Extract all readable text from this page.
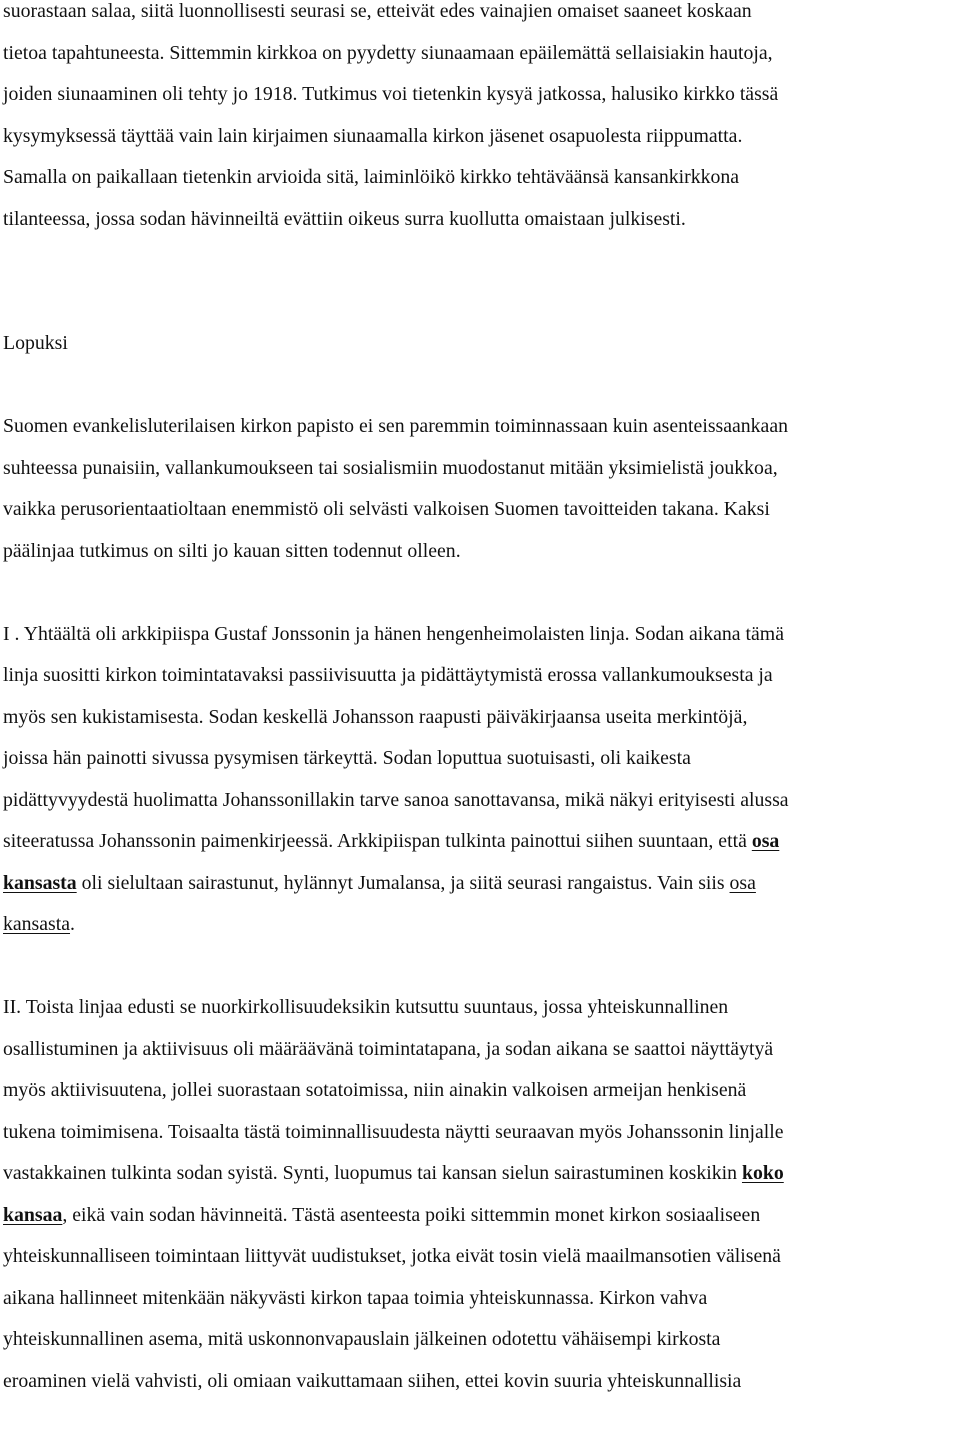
suorastaan salaa, siitä luonnollisesti seurasi se, etteivät edes vainajien omaiset saaneet koskaan
tietoa tapahtuneesta. Sittemmin kirkkoa on pyydetty siunaamaan epäilemättä sellaisiakin hautoja,
joiden siunaaminen oli tehty jo 1918. Tutkimus voi tietenkin kysyä jatkossa, halusiko kirkko tässä
kysymyksessä täyttää vain lain kirjaimen siunaamalla kirkon jäsenet osapuolesta riippumatta.
Samalla on paikallaan tietenkin arvioida sitä, laiminlöikö kirkko tehtäväänsä kansankirkkona
tilanteessa, jossa sodan hävinneiltä evättiin oikeus surra kuollutta omaistaan julkisesti.

Lopuksi

Suomen evankelisluterilaisen kirkon papisto ei sen paremmin toiminnassaan kuin asenteissaankaan
suhteessa punaisiin, vallankumoukseen tai sosialismiin muodostanut mitään yksimielistä joukkoa,
vaikka perusorientaatioltaan enemmistö oli selvästi valkoisen Suomen tavoitteiden takana. Kaksi
päälinjaa tutkimus on silti jo kauan sitten todennut olleen.

I . Yhtäältä oli arkkipiispa Gustaf Jonssonin ja hänen hengenheimolaisten linja. Sodan aikana tämä
linja suositti kirkon toimintatavaksi passiivisuutta ja pidättäytymistä erossa vallankumouksesta ja
myös sen kukistamisesta. Sodan keskellä Johansson raapusti päiväkirjaansa useita merkintöjä,
joissa hän painotti sivussa pysymisen tärkeyttä. Sodan loputtua suotuisasti, oli kaikesta
pidättyvyydestä huolimatta Johanssonillakin tarve sanoa sanottavansa, mikä näkyi erityisesti alussa
siteeratussa Johanssonin paimenkirjeessä. Arkkipiispan tulkinta painottui siihen suuntaan, että osa
kansasta oli sielultaan sairastunut, hylännyt Jumalansa, ja siitä seurasi rangaistus. Vain siis osa
kansasta.

II. Toista linjaa edusti se nuorkirkollisuudeksikin kutsuttu suuntaus, jossa yhteiskunnallinen
osallistuminen ja aktiivisuus oli määräävänä toimintatapana, ja sodan aikana se saattoi näyttäytyä
myös aktiivisuutena, jollei suorastaan sotatoimissa, niin ainakin valkoisen armeijan henkisenä
tukena toimimisena. Toisaalta tästä toiminnallisuudesta näytti seuraavan myös Johanssonin linjalle
vastakkainen tulkinta sodan syistä. Synti, luopumus tai kansan sielun sairastuminen koskikin koko
kansaa, eikä vain sodan hävinneitä. Tästä asenteesta poiki sittemmin monet kirkon sosiaaliseen
yhteiskunnalliseen toimintaan liittyvät uudistukset, jotka eivät tosin vielä maailmansotien välisenä
aikana hallinneet mitenkään näkyvästi kirkon tapaa toimia yhteiskunnassa. Kirkon vahva
yhteiskunnallinen asema, mitä uskonnonvapauslain jälkeinen odotettu vähäisempi kirkosta
eroaminen vielä vahvisti, oli omiaan vaikuttamaan siihen, ettei kovin suuria yhteiskunnallisia
